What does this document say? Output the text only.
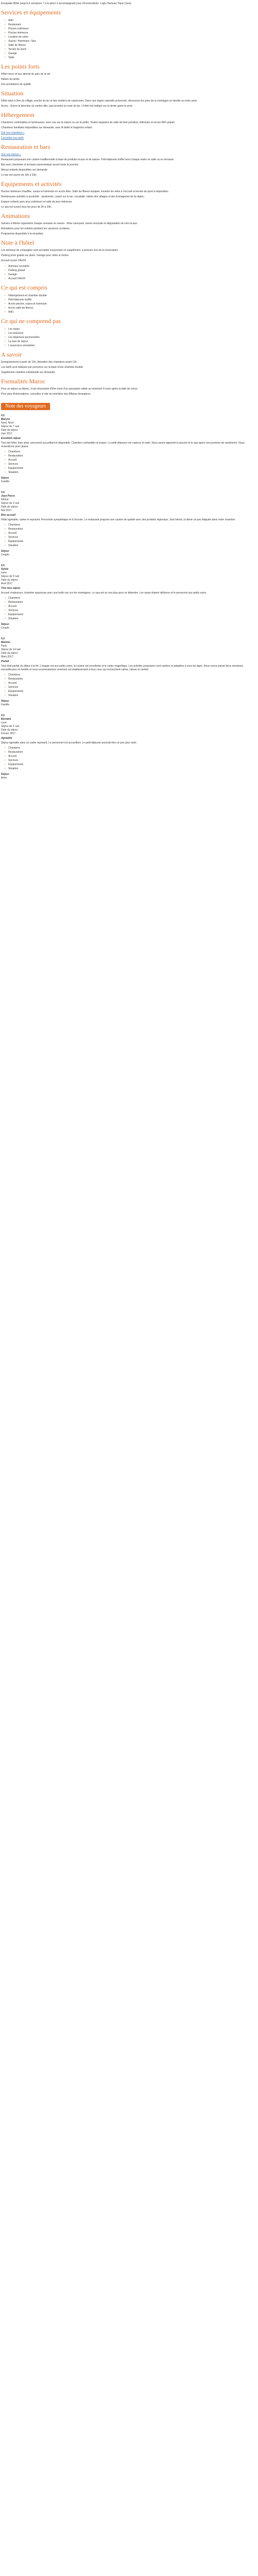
Escapade Bébé jusqu'à 6 semaines 7 à la pièce à accompagnant pour Personnalisée. Logis Hameau Tiane (Jura)

Services et équipements
• WiFi
• Restaurant
• Piscine extérieure
• Piscine intérieure
• Location de vélos
• Sauna / Hammam / Spa
• Salle de fitness
• Terrain de sport
• Garage
• Table
Les points forts

Hôtel renov et aux abords du parc de la vie

Nature du jardin

Des prestations de qualité

Situation

Hôtel situé à 2km du village, proche du lac et des sentiers de randonnée. Dans une région naturelle préservée, découvrez les joies de la montagne en famille ou entre amis.

Accès : Suivre la direction du centre-ville, puis prendre la route du lac. L'hôtel est indiqué sur la droite après le pont.

Hébergement

Chambres confortables et lumineuses, avec vue sur la nature ou sur le jardin. Toutes équipées de salle de bain privative, télévision et accès WiFi gratuit.

Chambres familiales disponibles sur demande, avec lit bébé et baignoire enfant.

Voir nos chambres »

Consultez nos tarifs

Restauration et bars

Voir nos menus »

Restaurant proposant une cuisine traditionnelle à base de produits locaux et de saison. Petit-déjeuner buffet servi chaque matin en salle ou en terrasse.

Bar avec cheminée et terrasse panoramique ouvert toute la journée.

Menus enfants disponibles sur demande.

Le bar est ouvert de 10h à 23h.

Equipements et activités

Piscine intérieure chauffée, sauna et hammam en accès libre. Salle de fitness équipée, location de vélos à l'accueil et terrain de sport à disposition.

Nombreuses activités à proximité : randonnée, canoë sur le lac, escalade, visites des villages et des fromageries de la région.

Espace enfants avec jeux extérieurs et salle de jeux intérieure.

Le spa est ouvert tous les jours de 9h à 20h.

Animations

Soirées à thème organisées chaque semaine en saison : dîner savoyard, soirée musicale et dégustation de vins locaux.

Animations pour les enfants pendant les vacances scolaires.

Programme disponible à la réception.

Note à l'hôtel

Les animaux de compagnie sont acceptés moyennant un supplément, à préciser lors de la réservation.

Parking privé gratuit sur place. Garage pour vélos et motos.

Accueil ouvert 24h/24.

• Animaux acceptés
• Parking gratuit
• Garage
• Accueil 24h/24
Ce qui est compris
• Hébergement en chambre double
• Petit-déjeuner buffet
• Accès piscine, sauna et hammam
• Accès salle de fitness
• WiFi
Ce qui ne comprend pas
• Les repas
• Les boissons
• Les dépenses personnelles
• La taxe de séjour
• L'assurance annulation
A savoir

Enregistrement à partir de 15h, libération des chambres avant 11h.

Les tarifs sont indiqués par personne sur la base d'une chambre double.

Supplément chambre individuelle sur demande.

Formalités Maroc

Pour un séjour au Maroc, il est nécessaire d'être muni d'un passeport valide au minimum 6 mois après la date de retour.

Pour plus d'informations, consultez le site du ministère des Affaires étrangères.

Note des voyageurs
4.5
Maryse
Nord, Nord
Séjour de 7 nuit
Date du séjour
Juin 2017
Excellent séjour
Très bel hôtel, bien situé, personnel accueillant et disponible. Chambre confortable et propre. Le petit-déjeuner est copieux et varié. Nous avons apprécié la piscine et le spa après nos journées de randonnée. Nous reviendrons avec plaisir.
• Chambres
• Restauration
• Accueil
• Services
• Équipements
• Situation
Séjour
Famille
4.0
Jean Pierre
Rhône
Séjour de 3 nuit
Date du séjour
Mai 2017
Bon accueil
Hôtel agréable, calme et reposant. Personnel sympathique et à l'écoute. Le restaurant propose une cuisine de qualité avec des produits régionaux. Seul bémol, la literie un peu fatiguée dans notre chambre.
• Chambres
• Restauration
• Accueil
• Services
• Équipements
• Situation
Séjour
Couple
4.5
Sylvie
Isère
Séjour de 5 nuit
Date du séjour
Avril 2017
Très bon séjour
Accueil chaleureux, chambre spacieuse avec une belle vue sur les montagnes. Le spa est un vrai plus pour se détendre. Les repas étaient délicieux et le personnel aux petits soins.
• Chambres
• Restauration
• Accueil
• Services
• Équipements
• Situation
Séjour
Couple
5.0
Martine
Paris
Séjour de 14 nuit
Date du séjour
Mars 2017
Parfait
Tout était parfait du début à la fin. L'équipe est aux petits soins, la cuisine est excellente et le cadre magnifique. Les activités proposées sont variées et adaptées à tous les âges. Nous avons passé deux semaines merveilleuses en famille et nous recommandons vivement cet établissement à tous ceux qui recherchent calme, nature et confort.
• Chambres
• Restauration
• Accueil
• Services
• Équipements
• Situation
Séjour
Famille
4.0
Bernard
Lyon
Séjour de 2 nuit
Date du séjour
Février 2017
Agréable
Séjour agréable dans un cadre reposant. Le personnel est accueillant. Le petit-déjeuner pourrait être un peu plus varié.
• Chambres
• Restauration
• Accueil
• Services
• Équipements
• Situation
Séjour
Amis
